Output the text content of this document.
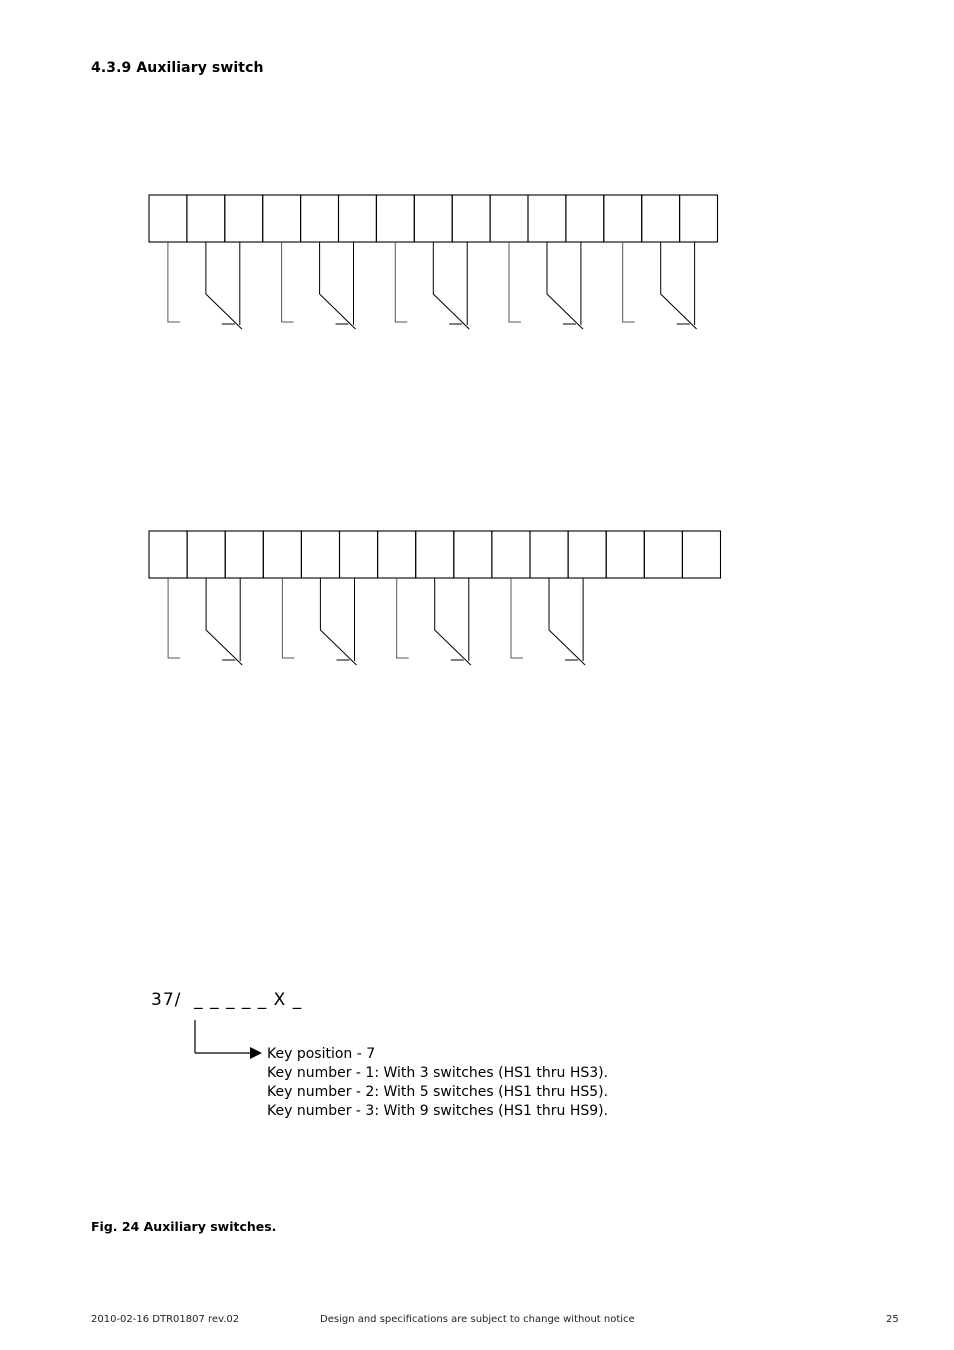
4.3.9 Auxiliary switch
37/  _ _ _ _ _ X _
Key position - 7
Key number - 1: With 3 switches (HS1 thru HS3).
Key number - 2: With 5 switches (HS1 thru HS5).
Key number - 3: With 9 switches (HS1 thru HS9).
Fig. 24 Auxiliary switches.
2010-02-16 DTR01807 rev.02	Design and specifications are subject to change without notice	25
